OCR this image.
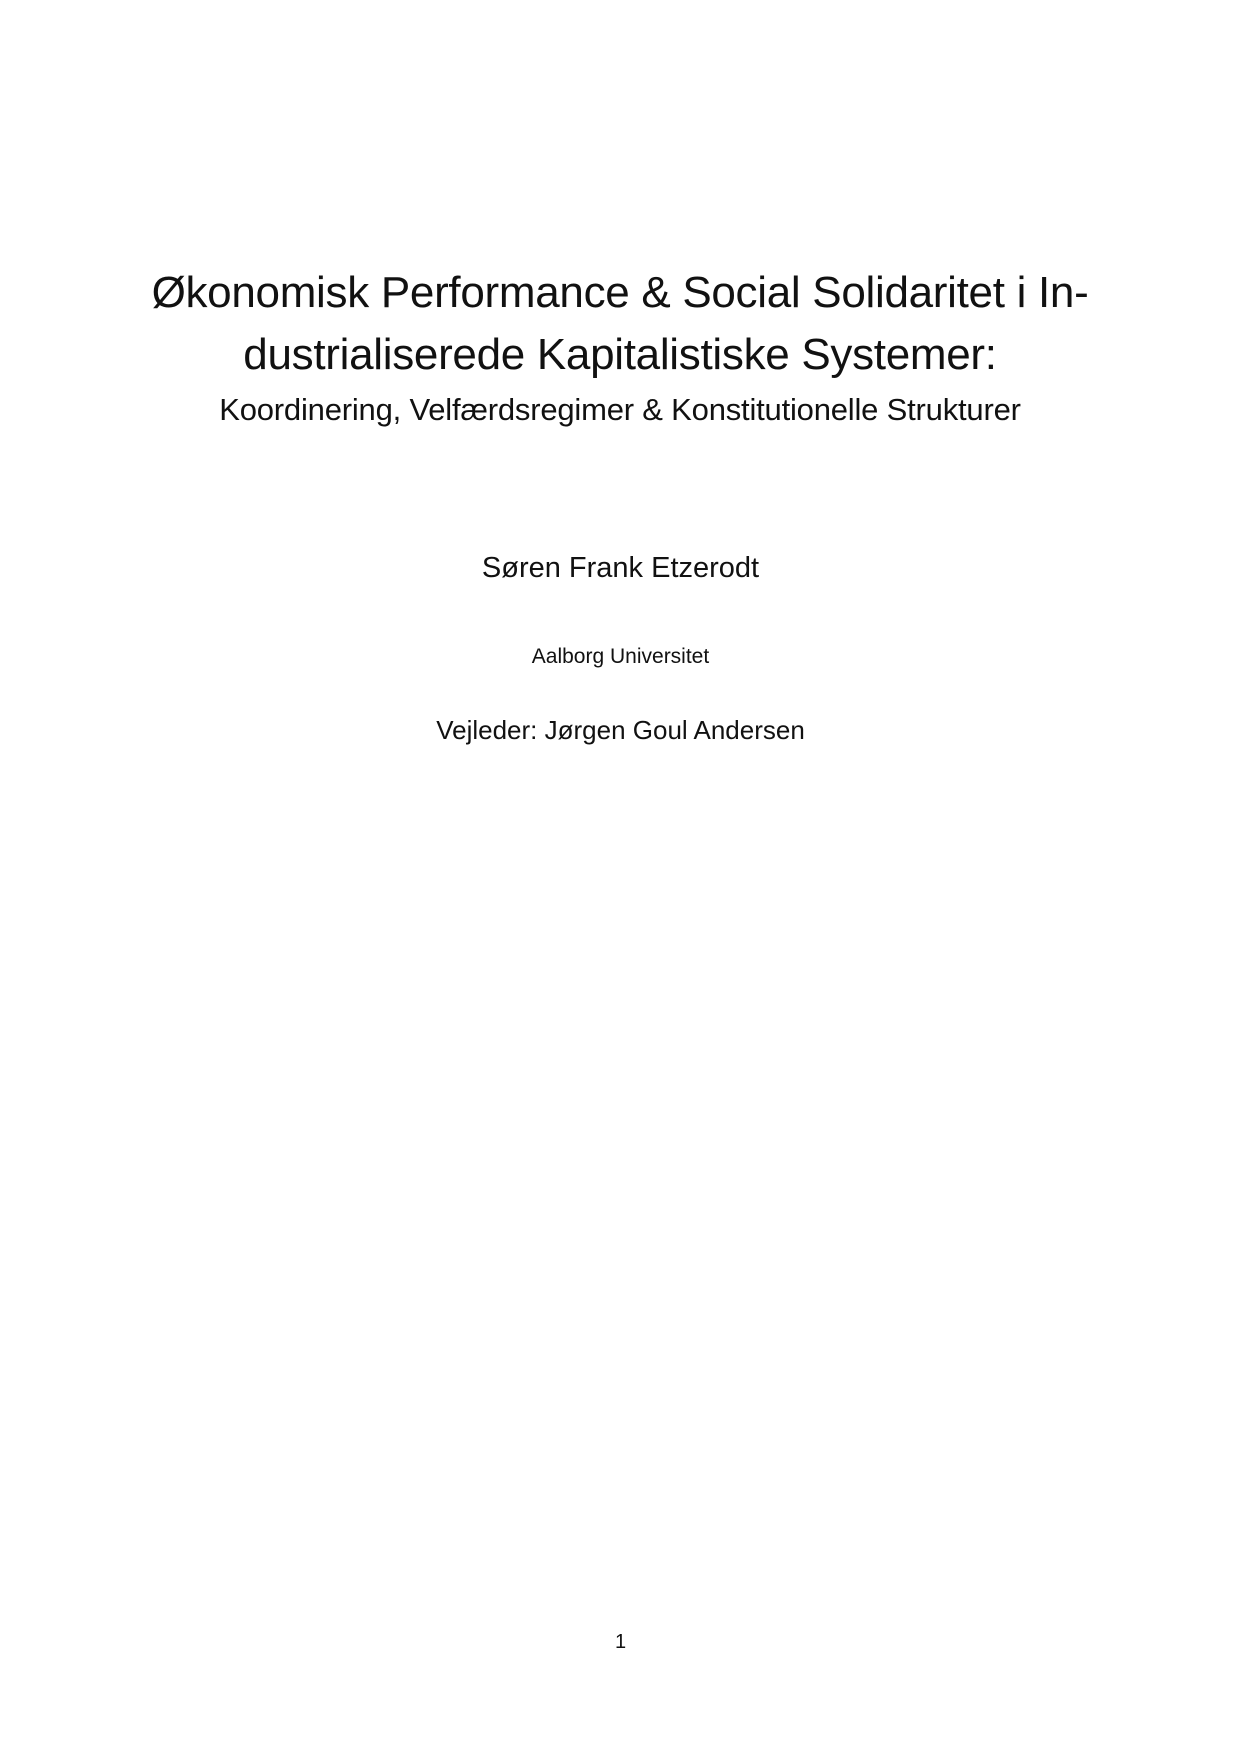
Økonomisk Performance & Social Solidaritet i In-
dustrialiserede Kapitalistiske Systemer:
Koordinering, Velfærdsregimer & Konstitutionelle Strukturer
Søren Frank Etzerodt
Aalborg Universitet
Vejleder: Jørgen Goul Andersen
1
